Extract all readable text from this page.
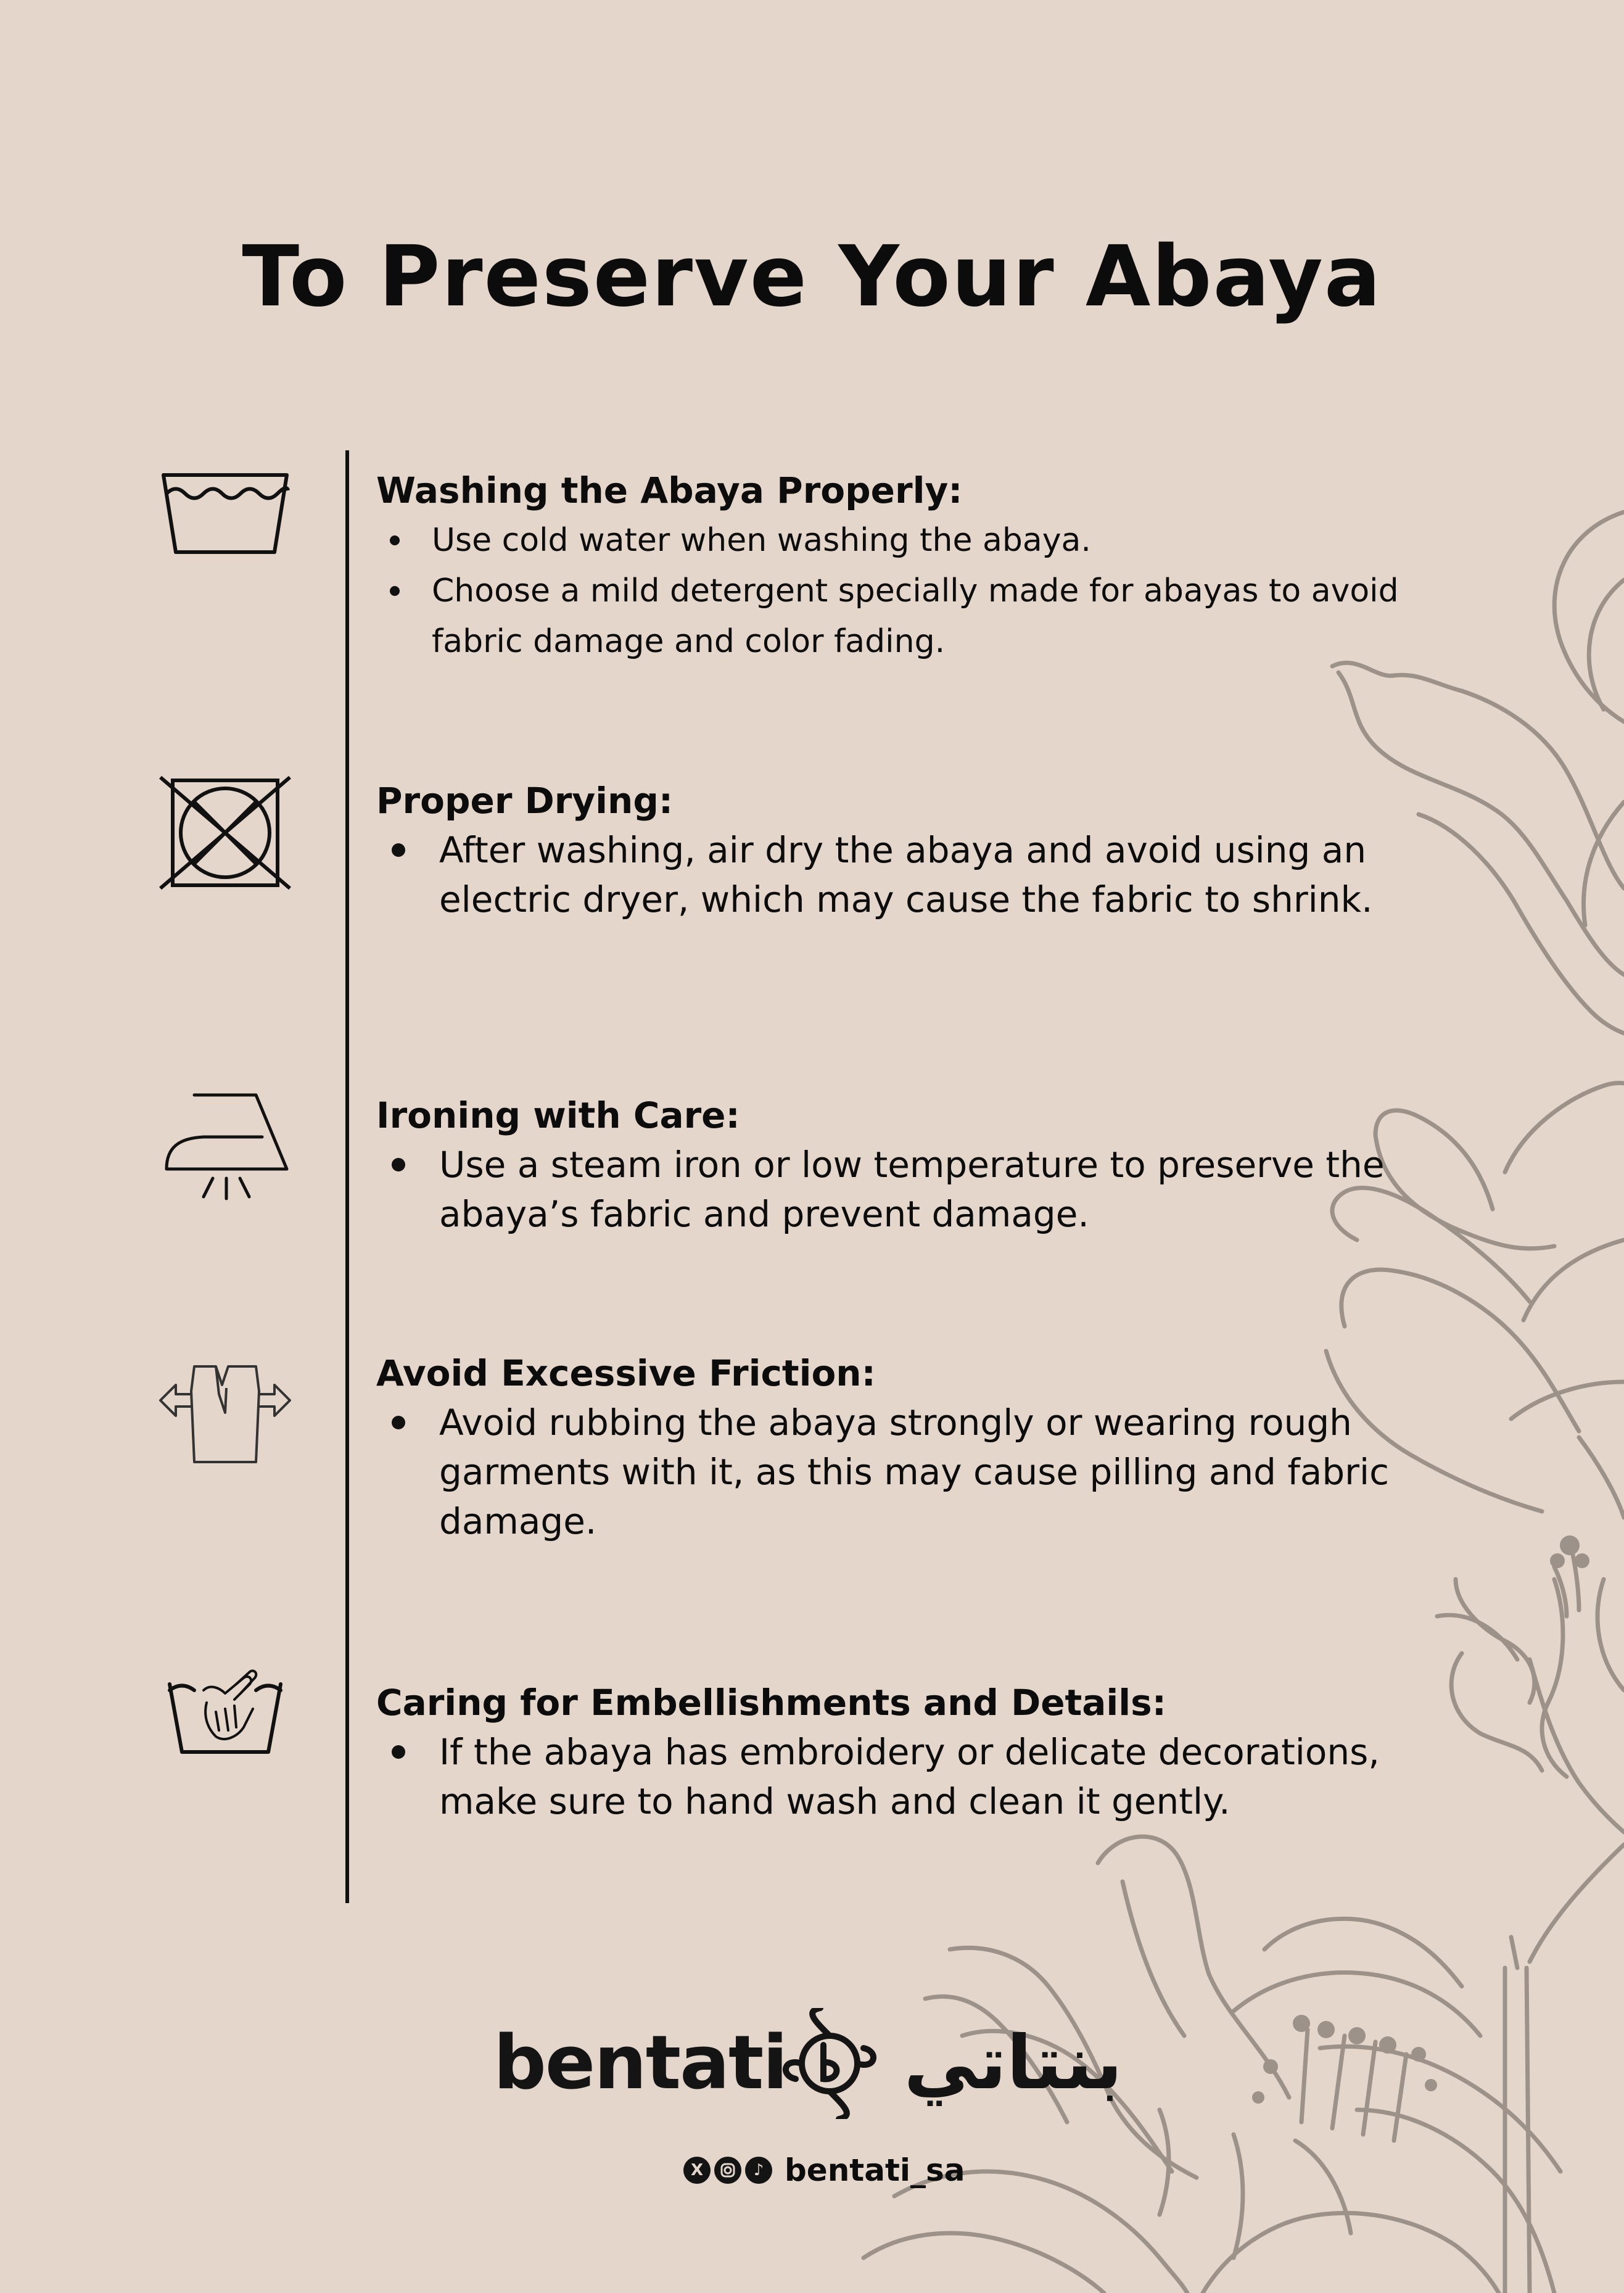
To Preserve Your Abaya
Washing the Abaya Properly:
Use cold water when washing the abaya.
Choose a mild detergent specially made for abayas to avoid fabric damage and color fading.
Proper Drying:
After washing, air dry the abaya and avoid using an electric dryer, which may cause the fabric to shrink.
Ironing with Care:
Use a steam iron or low temperature to preserve the abaya’s fabric and prevent damage.
Avoid Excessive Friction:
Avoid rubbing the abaya strongly or wearing rough garments with it, as this may cause pilling and fabric damage.
Caring for Embellishments and Details:
If the abaya has embroidery or delicate decorations, make sure to hand wash and clean it gently.
bentati بنتاتي
X	♪ bentati_sa
